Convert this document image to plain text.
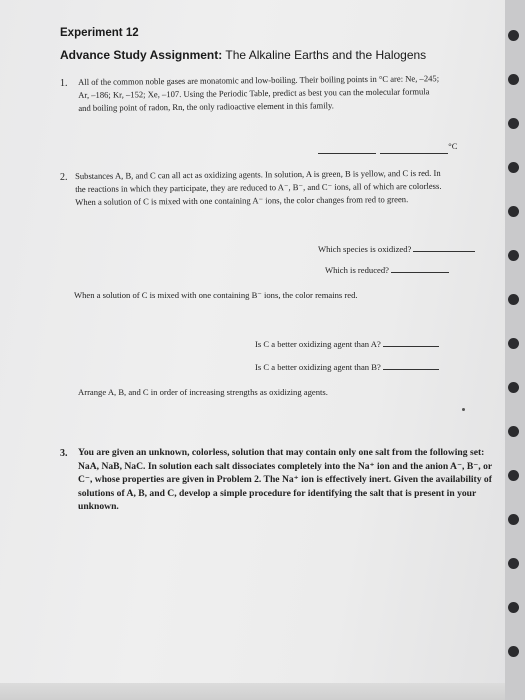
Experiment 12
Advance Study Assignment: The Alkaline Earths and the Halogens
1. All of the common noble gases are monatomic and low-boiling. Their boiling points in °C are: Ne, –245;
Ar, –186; Kr, –152; Xe, –107. Using the Periodic Table, predict as best you can the molecular formula
and boiling point of radon, Rn, the only radioactive element in this family.
°C
2. Substances A, B, and C can all act as oxidizing agents. In solution, A is green, B is yellow, and C is red. In
the reactions in which they participate, they are reduced to A⁻, B⁻, and C⁻ ions, all of which are colorless.
When a solution of C is mixed with one containing A⁻ ions, the color changes from red to green.
Which species is oxidized?
Which is reduced?
When a solution of C is mixed with one containing B⁻ ions, the color remains red.
Is C a better oxidizing agent than A?
Is C a better oxidizing agent than B?
Arrange A, B, and C in order of increasing strengths as oxidizing agents.
3. You are given an unknown, colorless, solution that may contain only one salt from the following set:
NaA, NaB, NaC. In solution each salt dissociates completely into the Na⁺ ion and the anion A⁻, B⁻, or
C⁻, whose properties are given in Problem 2. The Na⁺ ion is effectively inert. Given the availability of
solutions of A, B, and C, develop a simple procedure for identifying the salt that is present in your
unknown.
